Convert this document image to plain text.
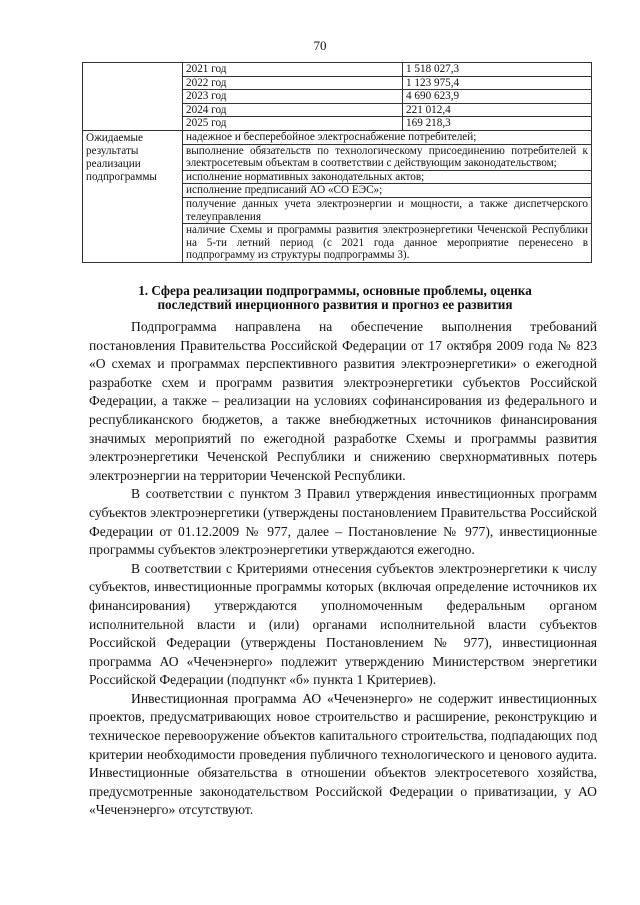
70
	2021 год	1 518 027,3
	2022 год	1 123 975,4
	2023 год	4 690 623,9
	2024 год	221 012,4
	2025 год	169 218,3
Ожидаемые результаты реализации подпрограммы	надежное и бесперебойное электроснабжение потребителей;	
	выполнение обязательств по технологическому присоединению потребителей к электросетевым объектам в соответствии с действующим законодательством;	
	исполнение нормативных законодательных актов;	
	исполнение предписаний АО «СО ЕЭС»;	
	получение данных учета электроэнергии и мощности, а также диспетчерского телеуправления	
	наличие Схемы и программы развития электроэнергетики Чеченской Республики на 5-ти летний период (с 2021 года данное мероприятие перенесено в подпрограмму из структуры подпрограммы 3).	
1. Сфера реализации подпрограммы, основные проблемы, оценка последствий инерционного развития и прогноз ее развития

Подпрограмма направлена на обеспечение выполнения требований постановления Правительства Российской Федерации от 17 октября 2009 года № 823 «О схемах и программах перспективного развития электроэнергетики» о ежегодной разработке схем и программ развития электроэнергетики субъектов Российской Федерации, а также – реализации на условиях софинансирования из федерального и республиканского бюджетов, а также внебюджетных источников финансирования значимых мероприятий по ежегодной разработке Схемы и программы развития электроэнергетики Чеченской Республики и снижению сверхнормативных потерь электроэнергии на территории Чеченской Республики.

В соответствии с пунктом 3 Правил утверждения инвестиционных программ субъектов электроэнергетики (утверждены постановлением Правительства Российской Федерации от 01.12.2009 № 977, далее – Постановление № 977), инвестиционные программы субъектов электроэнергетики утверждаются ежегодно.

В соответствии с Критериями отнесения субъектов электроэнергетики к числу субъектов, инвестиционные программы которых (включая определение источников их финансирования) утверждаются уполномоченным федеральным органом исполнительной власти и (или) органами исполнительной власти субъектов Российской Федерации (утверждены Постановлением № 977), инвестиционная программа АО «Чеченэнерго» подлежит утверждению Министерством энергетики Российской Федерации (подпункт «б» пункта 1 Критериев).

Инвестиционная программа АО «Чеченэнерго» не содержит инвестиционных проектов, предусматривающих новое строительство и расширение, реконструкцию и техническое перевооружение объектов капитального строительства, подпадающих под критерии необходимости проведения публичного технологического и ценового аудита. Инвестиционные обязательства в отношении объектов электросетевого хозяйства, предусмотренные законодательством Российской Федерации о приватизации, у АО «Чеченэнерго» отсутствуют.
